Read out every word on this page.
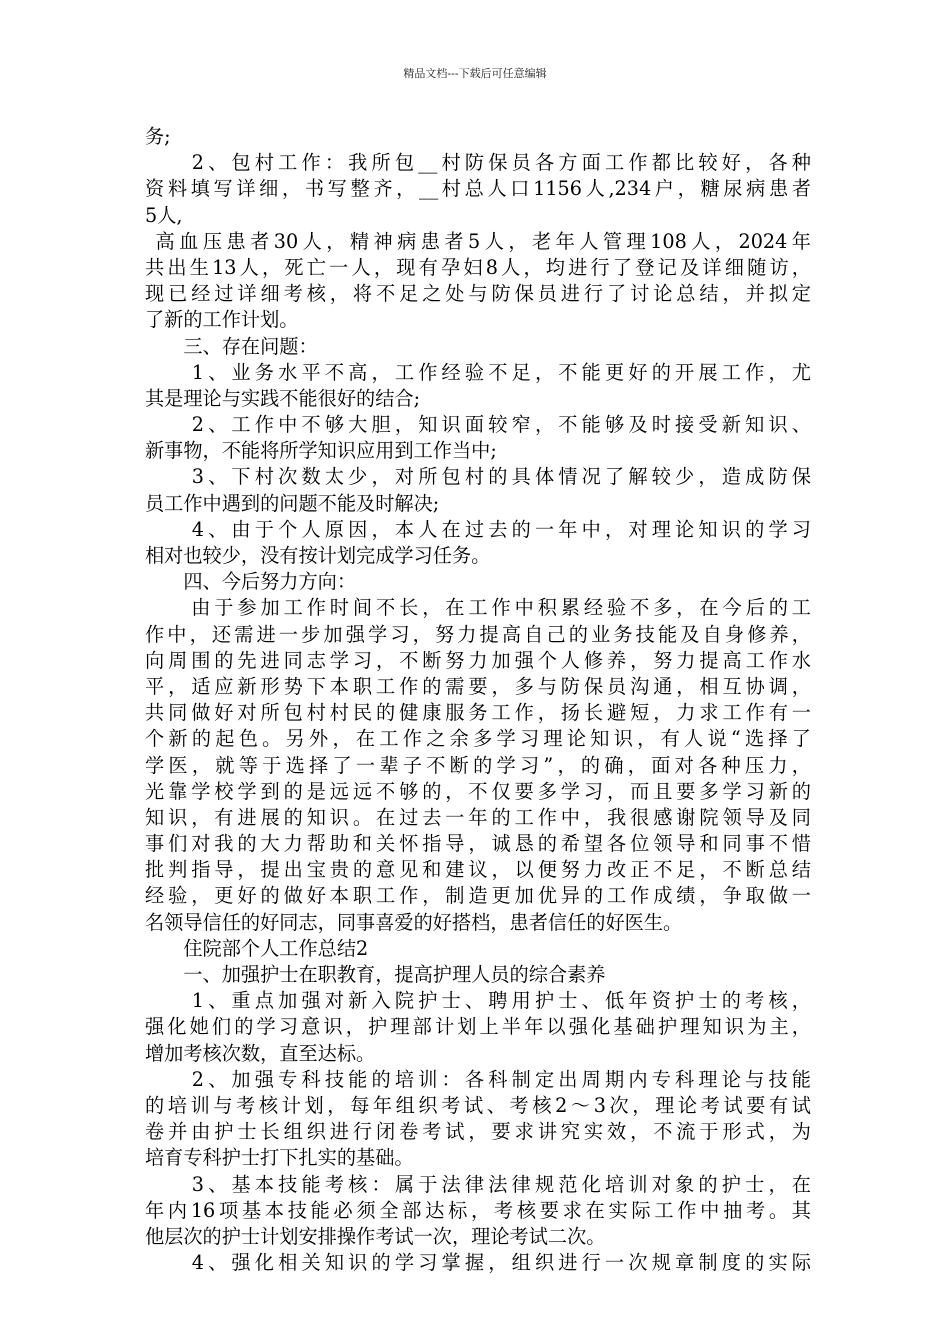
精品文档---下载后可任意编辑
务;
　　2、包村工作：我所包__村防保员各方面工作都比较好，各种
资料填写详细，书写整齐，__村总人口1156人,234户，糖尿病患者
5人,
高血压患者30人，精神病患者5人，老年人管理108人，2024年
共出生13人，死亡一人，现有孕妇8人，均进行了登记及详细随访，
现已经过详细考核，将不足之处与防保员进行了讨论总结，并拟定
了新的工作计划。
　　三、存在问题：
　　1、业务水平不高，工作经验不足，不能更好的开展工作，尤
其是理论与实践不能很好的结合;
　　2、工作中不够大胆，知识面较窄，不能够及时接受新知识、
新事物，不能将所学知识应用到工作当中;
　　3、下村次数太少，对所包村的具体情况了解较少，造成防保
员工作中遇到的问题不能及时解决;
　　4、由于个人原因，本人在过去的一年中，对理论知识的学习
相对也较少，没有按计划完成学习任务。
　　四、今后努力方向：
　　由于参加工作时间不长，在工作中积累经验不多，在今后的工
作中，还需进一步加强学习，努力提高自己的业务技能及自身修养，
向周围的先进同志学习，不断努力加强个人修养，努力提高工作水
平，适应新形势下本职工作的需要，多与防保员沟通，相互协调，
共同做好对所包村村民的健康服务工作，扬长避短，力求工作有一
个新的起色。另外，在工作之余多学习理论知识，有人说“选择了
学医，就等于选择了一辈子不断的学习”，的确，面对各种压力，
光靠学校学到的是远远不够的，不仅要多学习，而且要多学习新的
知识，有进展的知识。在过去一年的工作中，我很感谢院领导及同
事们对我的大力帮助和关怀指导，诚恳的希望各位领导和同事不惜
批判指导，提出宝贵的意见和建议，以便努力改正不足，不断总结
经验，更好的做好本职工作，制造更加优异的工作成绩，争取做一
名领导信任的好同志，同事喜爱的好搭档，患者信任的好医生。
　　住院部个人工作总结2
　　一、加强护士在职教育，提高护理人员的综合素养
　　1、重点加强对新入院护士、聘用护士、低年资护士的考核，
强化她们的学习意识，护理部计划上半年以强化基础护理知识为主，
增加考核次数，直至达标。
　　2、加强专科技能的培训：各科制定出周期内专科理论与技能
的培训与考核计划，每年组织考试、考核2～3次，理论考试要有试
卷并由护士长组织进行闭卷考试，要求讲究实效，不流于形式，为
培育专科护士打下扎实的基础。
　　3、基本技能考核：属于法律法律规范化培训对象的护士，在
年内16项基本技能必须全部达标，考核要求在实际工作中抽考。其
他层次的护士计划安排操作考试一次，理论考试二次。
　　4、强化相关知识的学习掌握，组织进行一次规章制度的实际
